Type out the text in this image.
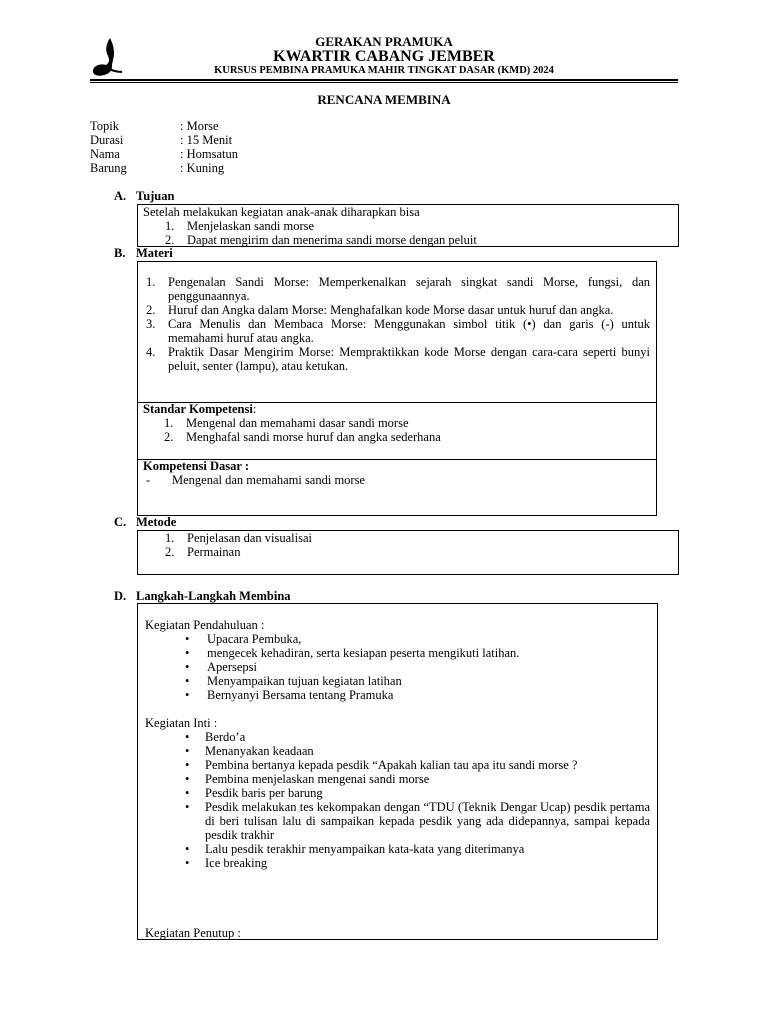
GERAKAN PRAMUKA
KWARTIR CABANG JEMBER
KURSUS PEMBINA PRAMUKA MAHIR TINGKAT DASAR (KMD) 2024
RENCANA MEMBINA
Topik	: Morse
Durasi	: 15 Menit
Nama	: Homsatun
Barung	: Kuning
A. Tujuan
Setelah melakukan kegiatan anak-anak diharapkan bisa
1.	Menjelaskan sandi morse
2.	Dapat mengirim dan menerima sandi morse dengan peluit
B. Materi
1.	Pengenalan Sandi Morse: Memperkenalkan sejarah singkat sandi Morse, fungsi, dan penggunaannya.
2.	Huruf dan Angka dalam Morse: Menghafalkan kode Morse dasar untuk huruf dan angka.
3.	Cara Menulis dan Membaca Morse: Menggunakan simbol titik (•) dan garis (-) untuk memahami huruf atau angka.
4.	Praktik Dasar Mengirim Morse: Mempraktikkan kode Morse dengan cara-cara seperti bunyi peluit, senter (lampu), atau ketukan.
Standar Kompetensi:
1.	Mengenal dan memahami dasar sandi morse
2.	Menghafal sandi morse huruf dan angka sederhana
Kompetensi Dasar :
-	Mengenal dan memahami sandi morse
C. Metode
1.	Penjelasan dan visualisai
2.	Permainan
D. Langkah-Langkah Membina
Kegiatan Pendahuluan :
•	Upacara Pembuka,
•	mengecek kehadiran, serta kesiapan peserta mengikuti latihan.
•	Apersepsi
•	Menyampaikan tujuan kegiatan latihan
•	Bernyanyi Bersama tentang Pramuka
Kegiatan Inti :
•	Berdo’a
•	Menanyakan keadaan
•	Pembina bertanya kepada pesdik “Apakah kalian tau apa itu sandi morse ?
•	Pembina menjelaskan mengenai sandi morse
•	Pesdik baris per barung
•	Pesdik melakukan tes kekompakan dengan “TDU (Teknik Dengar Ucap) pesdik pertama di beri tulisan lalu di sampaikan kepada pesdik yang ada didepannya, sampai kepada pesdik trakhir
•	Lalu pesdik terakhir menyampaikan kata-kata yang diterimanya
•	Ice breaking
Kegiatan Penutup :
